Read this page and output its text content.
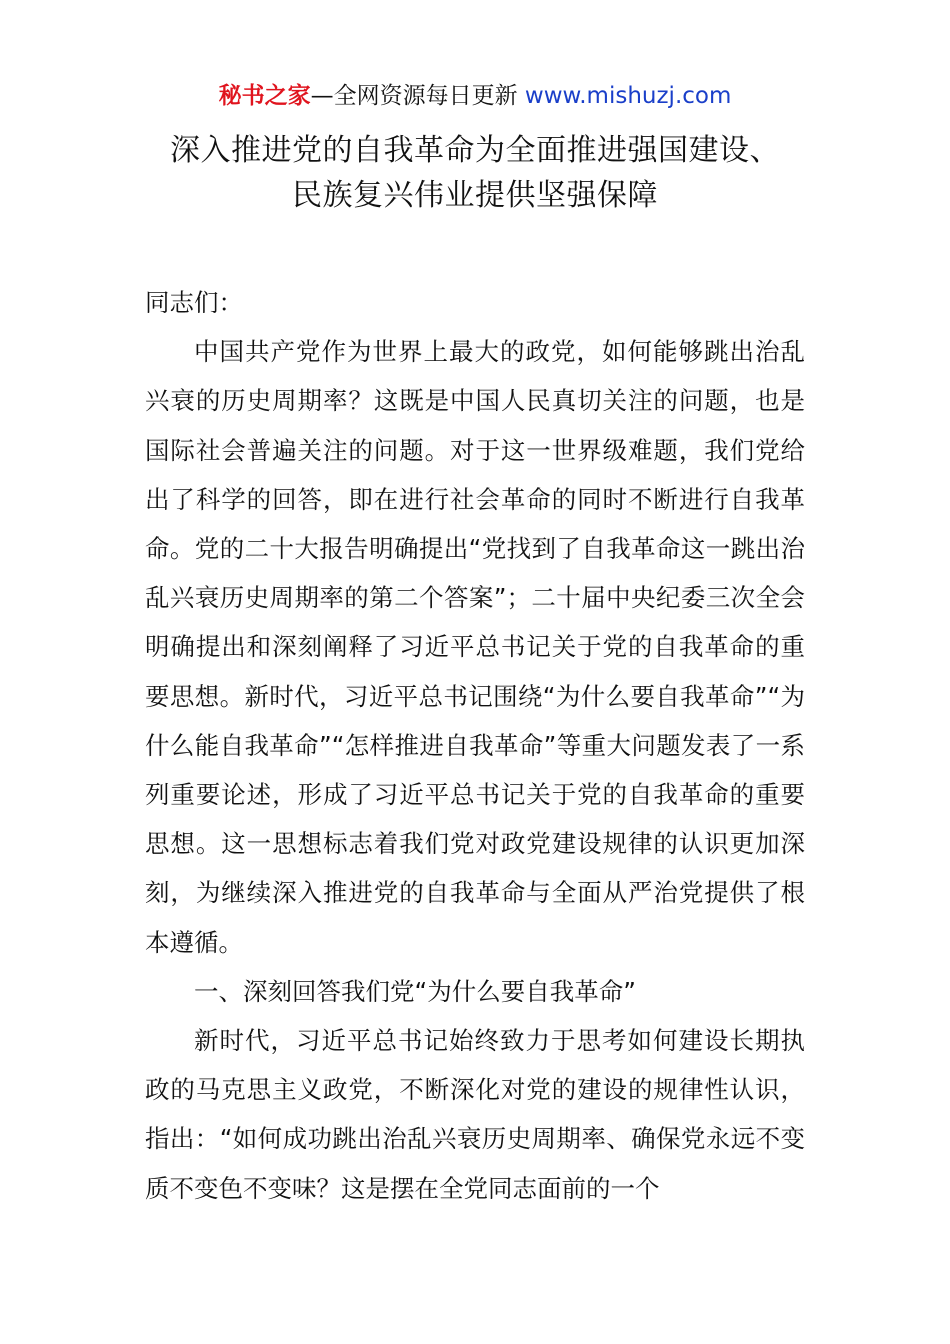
秘书之家—全网资源每日更新 www.mishuzj.com
深入推进党的自我革命为全面推进强国建设、
民族复兴伟业提供坚强保障

同志们：

中国共产党作为世界上最大的政党，如何能够跳出治乱兴衰的历史周期率？这既是中国人民真切关注的问题，也是国际社会普遍关注的问题。对于这一世界级难题，我们党给出了科学的回答，即在进行社会革命的同时不断进行自我革命。党的二十大报告明确提出“党找到了自我革命这一跳出治乱兴衰历史周期率的第二个答案”；二十届中央纪委三次全会明确提出和深刻阐释了习近平总书记关于党的自我革命的重要思想。新时代，习近平总书记围绕“为什么要自我革命”“为什么能自我革命”“怎样推进自我革命”等重大问题发表了一系列重要论述，形成了习近平总书记关于党的自我革命的重要思想。这一思想标志着我们党对政党建设规律的认识更加深刻，为继续深入推进党的自我革命与全面从严治党提供了根本遵循。

一、深刻回答我们党“为什么要自我革命”

新时代，习近平总书记始终致力于思考如何建设长期执政的马克思主义政党，不断深化对党的建设的规律性认识，指出：“如何成功跳出治乱兴衰历史周期率、确保党永远不变质不变色不变味？这是摆在全党同志面前的一个
